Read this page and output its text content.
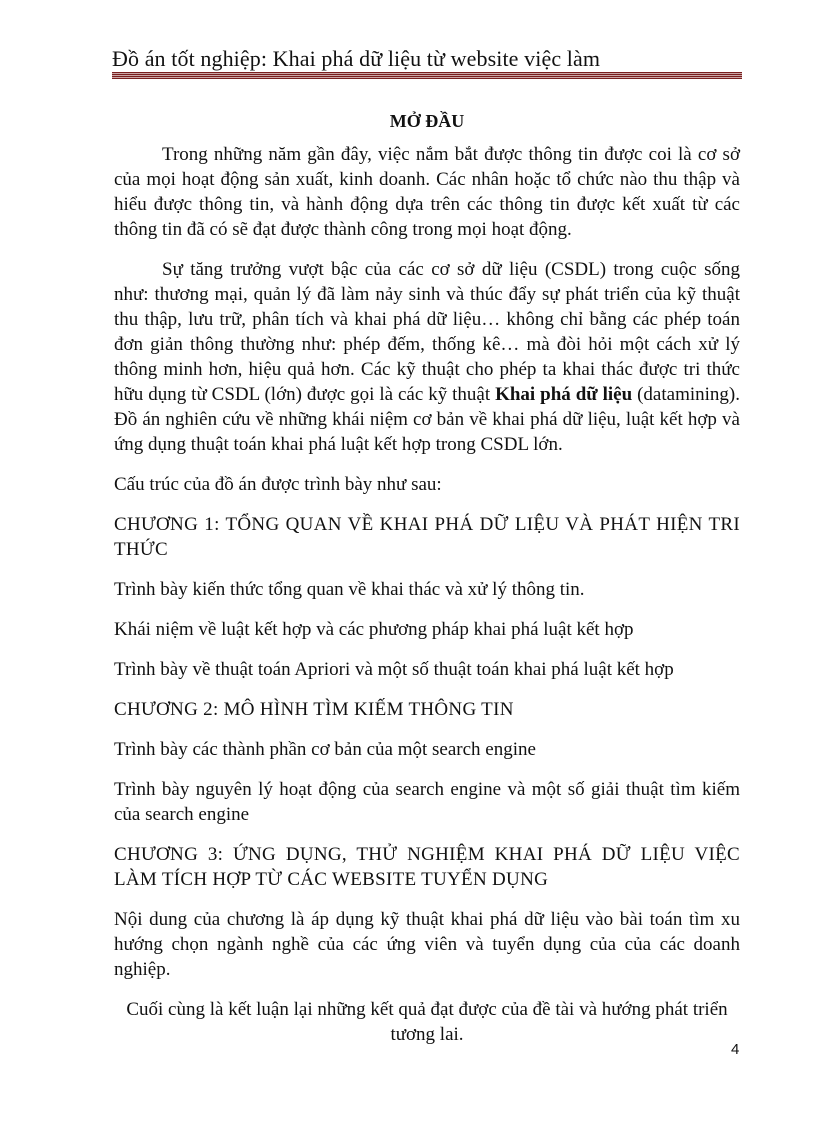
Đồ án tốt nghiệp: Khai phá dữ liệu từ website việc làm
MỞ ĐẦU

Trong những năm gần đây, việc nắm bắt được thông tin được coi là cơ sở của mọi hoạt động sản xuất, kinh doanh. Các nhân hoặc tổ chức nào thu thập và hiểu được thông tin, và hành động dựa trên các thông tin được kết xuất từ các thông tin đã có sẽ đạt được thành công trong mọi hoạt động.

Sự tăng trưởng vượt bậc của các cơ sở dữ liệu (CSDL) trong cuộc sống như: thương mại, quản lý đã làm nảy sinh và thúc đẩy sự phát triển của kỹ thuật thu thập, lưu trữ, phân tích và khai phá dữ liệu… không chỉ bằng các phép toán đơn giản thông thường như: phép đếm, thống kê… mà đòi hỏi một cách xử lý thông minh hơn, hiệu quả hơn. Các kỹ thuật cho phép ta khai thác được tri thức hữu dụng từ CSDL (lớn) được gọi là các kỹ thuật Khai phá dữ liệu (datamining). Đồ án nghiên cứu về những khái niệm cơ bản về khai phá dữ liệu, luật kết hợp và ứng dụng thuật toán khai phá luật kết hợp trong CSDL lớn.

Cấu trúc của đồ án được trình bày như sau:

CHƯƠNG 1: TỔNG QUAN VỀ KHAI PHÁ DỮ LIỆU VÀ PHÁT HIỆN TRI THỨC

Trình bày kiến thức tổng quan về khai thác và xử lý thông tin.

Khái niệm về luật kết hợp và các phương pháp khai phá luật kết hợp

Trình bày về thuật toán Apriori và một số thuật toán khai phá luật kết hợp

CHƯƠNG 2: MÔ HÌNH TÌM KIẾM THÔNG TIN

Trình bày các thành phần cơ bản của một search engine

Trình bày nguyên lý hoạt động của search engine và một số giải thuật tìm kiếm của search engine

CHƯƠNG 3: ỨNG DỤNG, THỬ NGHIỆM KHAI PHÁ DỮ LIỆU VIỆC LÀM TÍCH HỢP TỪ CÁC WEBSITE TUYỂN DỤNG

Nội dung của chương là áp dụng kỹ thuật khai phá dữ liệu vào bài toán tìm xu hướng chọn ngành nghề của các ứng viên và tuyển dụng của của các doanh nghiệp.

Cuối cùng là kết luận lại những kết quả đạt được của đề tài và hướng phát triển tương lai.

4
